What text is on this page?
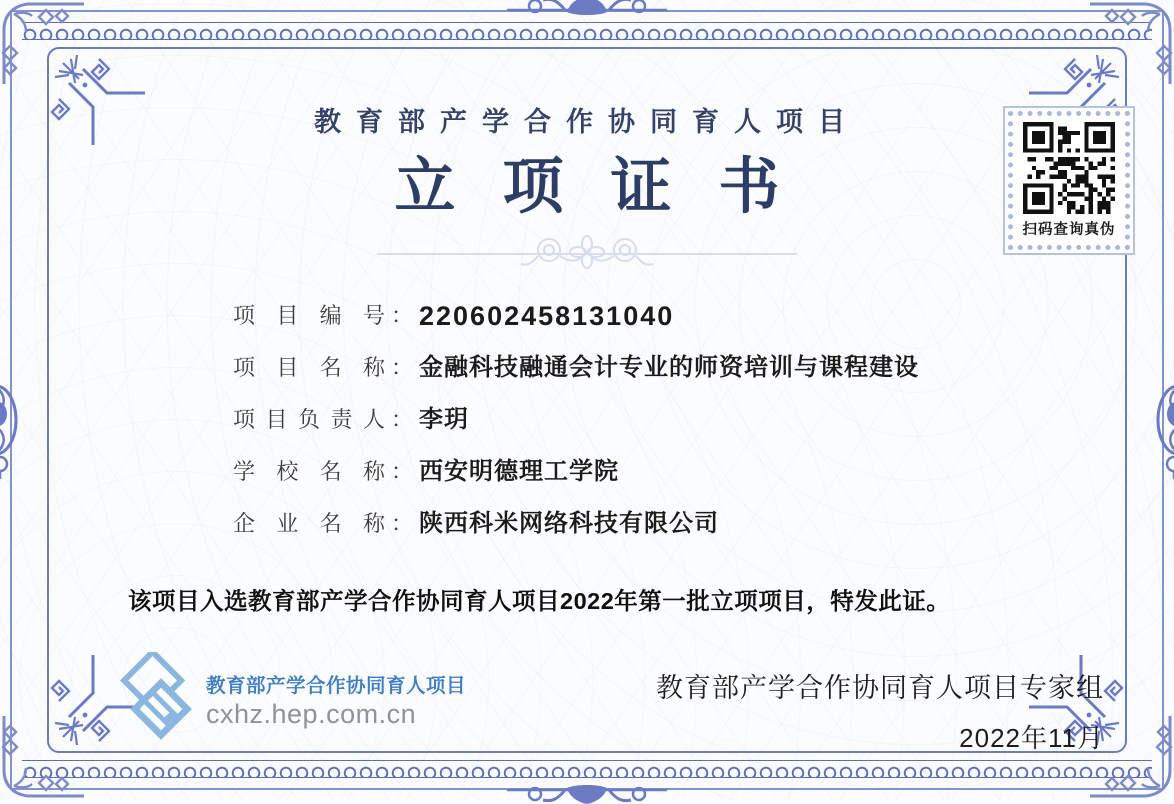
教育部产学合作协同育人项目
立项证书
扫码查询真伪
项目编号 ： 220602458131040
项目名称 ： 金融科技融通会计专业的师资培训与课程建设
项目负责人 ： 李玥
学校名称 ： 西安明德理工学院
企业名称 ： 陕西科米网络科技有限公司
该项目入选教育部产学合作协同育人项目2022年第一批立项项目，特发此证。
教育部产学合作协同育人项目
cxhz.hep.com.cn
教育部产学合作协同育人项目专家组
2022年11月
